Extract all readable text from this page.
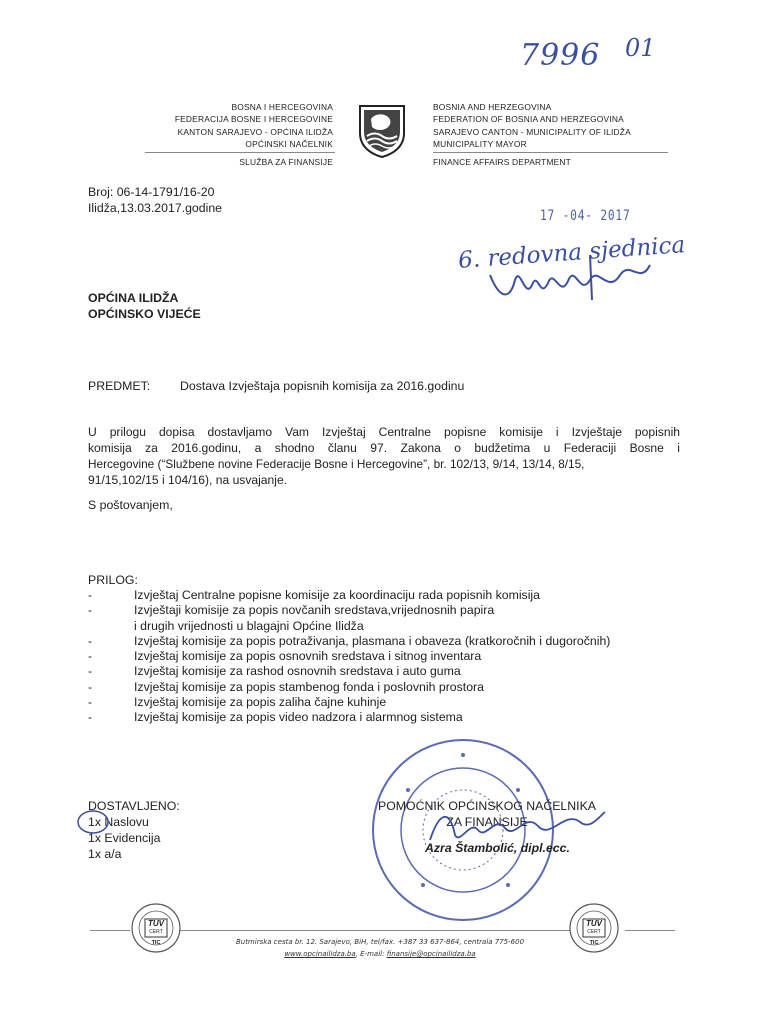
7996 01
BOSNA I HERCEGOVINA
FEDERACIJA BOSNE I HERCEGOVINE
KANTON SARAJEVO - OPĆINA ILIDŽA
OPĆINSKI NAČELNIK
SLUŽBA ZA FINANSIJE
BOSNIA AND HERZEGOVINA
FEDERATION OF BOSNIA AND HERZEGOVINA
SARAJEVO CANTON - MUNICIPALITY OF ILIDŽA
MUNICIPALITY MAYOR
FINANCE AFFAIRS DEPARTMENT
Broj: 06-14-1791/16-20
Ilidža,13.03.2017.godine	17 -04- 2017
6. redovna sjednica
OPĆINA ILIDŽA
OPĆINSKO VIJEĆE
PREDMET: Dostava Izvještaja popisnih komisija za 2016.godinu
U prilogu dopisa dostavljamo Vam Izvještaj Centralne popisne komisije i Izvještaje popisnih
komisija za 2016.godinu, a shodno članu 97. Zakona o budžetima u Federaciji Bosne i
Hercegovine (“Službene novine Federacije Bosne i Hercegovine”, br. 102/13, 9/14, 13/14, 8/15,
91/15,102/15 i 104/16), na usvajanje.
S poštovanjem,
PRILOG:
-	Izvještaj Centralne popisne komisije za koordinaciju rada popisnih komisija
-	Izvještaji komisije za popis novčanih sredstava,vrijednosnih papira
i drugih vrijednosti u blagajni Općine Ilidža
-	Izvještaj komisije za popis potraživanja, plasmana i obaveza (kratkoročnih i dugoročnih)
-	Izvještaj komisije za popis osnovnih sredstava i sitnog inventara
-	Izvještaj komisije za rashod osnovnih sredstava i auto guma
-	Izvještaj komisije za popis stambenog fonda i poslovnih prostora
-	Izvještaj komisije za popis zaliha čajne kuhinje
-	Izvještaj komisije za popis video nadzora i alarmnog sistema
DOSTAVLJENO:
1x Naslovu
1x Evidencija
1x a/a
POMOĆNIK OPĆINSKOG NAČELNIKA
ZA FINANSIJE
Azra Štambolić, dipl.ecc.
TUV
CERT
TIC
TUV
CERT
TIC
Butmirska cesta br. 12. Sarajevo, BiH, tel/fax. +387 33 637-864, centrala 775-600
www.opcinailidza.ba, E-mail: finansije@opcinailidza.ba
